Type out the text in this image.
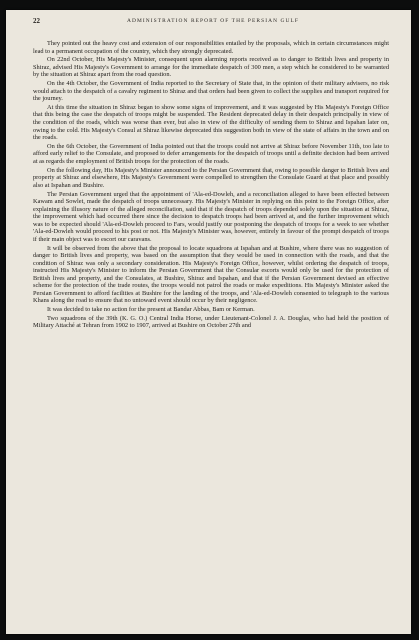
22	ADMINISTRATION REPORT OF THE PERSIAN GULF

They pointed out the heavy cost and extension of our responsibilities entailed by the proposals, which in certain circumstances might lead to a permanent occupation of the country, which they strongly deprecated.

On 22nd October, His Majesty's Minister, consequent upon alarming reports received as to danger to British lives and property in Shiraz, advised His Majesty's Government to arrange for the immediate despatch of 300 men, a step which he considered to be warranted by the situation at Shiraz apart from the road question.

On the 4th October, the Government of India reported to the Secretary of State that, in the opinion of their military advisers, no risk would attach to the despatch of a cavalry regiment to Shiraz and that orders had been given to collect the supplies and transport required for the journey.

At this time the situation in Shiraz began to show some signs of improvement, and it was suggested by His Majesty's Foreign Office that this being the case the despatch of troops might be suspended. The Resident deprecated delay in their despatch principally in view of the condition of the roads, which was worse than ever, but also in view of the difficulty of sending them to Shiraz and Ispahan later on, owing to the cold. His Majesty's Consul at Shiraz likewise deprecated this suggestion both in view of the state of affairs in the town and on the roads.

On the 6th October, the Government of India pointed out that the troops could not arrive at Shiraz before November 11th, too late to afford early relief to the Consulate, and proposed to defer arrangements for the despatch of troops until a definite decision had been arrived at as regards the employment of British troops for the protection of the roads.

On the following day, His Majesty's Minister announced to the Persian Government that, owing to possible danger to British lives and property at Shiraz and elsewhere, His Majesty's Government were compelled to strengthen the Consulate Guard at that place and possibly also at Ispahan and Bushire.

The Persian Government urged that the appointment of 'Ala-ed-Dowleh, and a reconciliation alleged to have been effected between Kawam and Sowlet, made the despatch of troops unnecessary. His Majesty's Minister in replying on this point to the Foreign Office, after explaining the illusory nature of the alleged reconciliation, said that if the despatch of troops depended solely upon the situation at Shiraz, the improvement which had occurred there since the decision to despatch troops had been arrived at, and the further improvement which was to be expected should 'Ala-ed-Dowleh proceed to Fars, would justify our postponing the despatch of troops for a week to see whether 'Ala-ed-Dowleh would proceed to his post or not. His Majesty's Minister was, however, entirely in favour of the prompt despatch of troops if their main object was to escort our caravans.

It will be observed from the above that the proposal to locate squadrons at Ispahan and at Bushire, where there was no suggestion of danger to British lives and property, was based on the assumption that they would be used in connection with the roads, and that the condition of Shiraz was only a secondary consideration. His Majesty's Foreign Office, however, whilst ordering the despatch of troops, instructed His Majesty's Minister to inform the Persian Government that the Consular escorts would only be used for the protection of British lives and property, and the Consulates, at Bushire, Shiraz and Ispahan, and that if the Persian Government devised an effective scheme for the protection of the trade routes, the troops would not patrol the roads or make expeditions. His Majesty's Minister asked the Persian Government to afford facilities at Bushire for the landing of the troops, and 'Ala-ed-Dowleh consented to telegraph to the various Khans along the road to ensure that no untoward event should occur by their negligence.

It was decided to take no action for the present at Bandar Abbas, Bam or Kerman.

Two squadrons of the 39th (K. G. O.) Central India Horse, under Lieutenant-Colonel J. A. Douglas, who had held the position of Military Attaché at Tehran from 1902 to 1907, arrived at Bushire on October 27th and
